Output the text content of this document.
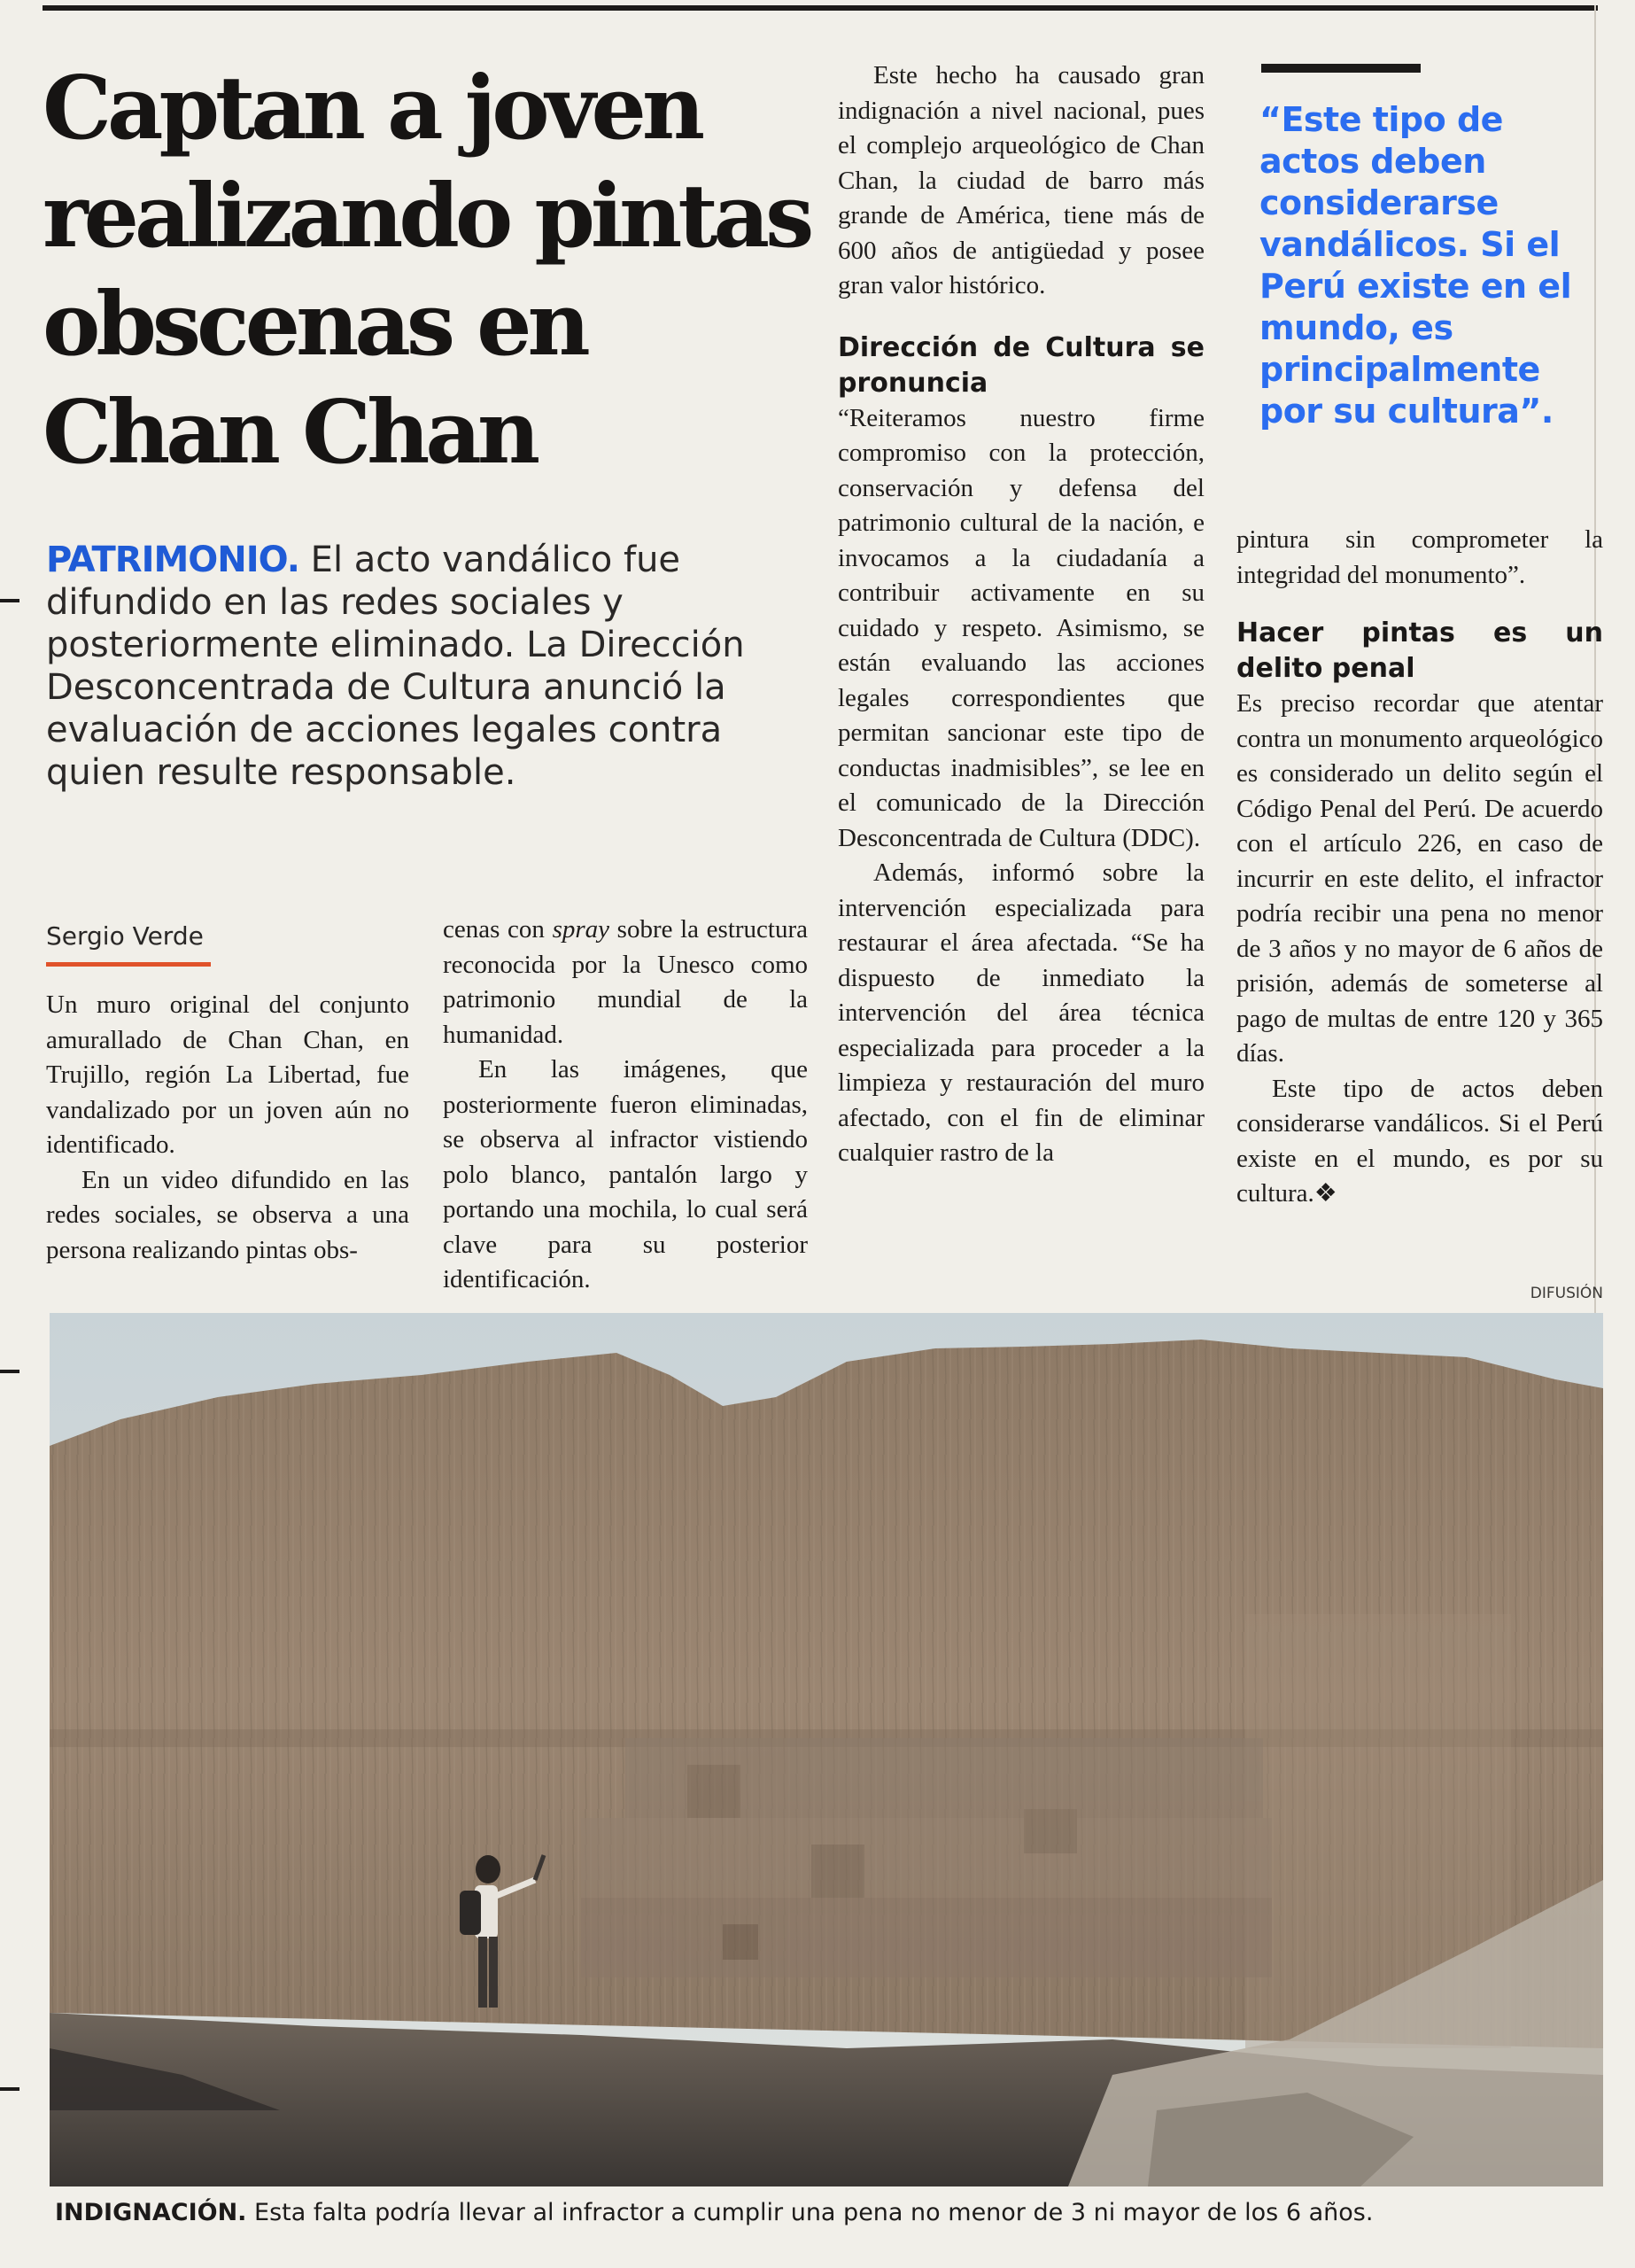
Captan a joven realizando pintas obscenas en Chan Chan
PATRIMONIO. El acto vandálico fue difundido en las redes sociales y posteriormente eliminado. La Dirección Desconcentrada de Cultura anunció la evaluación de acciones legales contra quien resulte responsable.
Sergio Verde

Un muro original del conjunto amurallado de Chan Chan, en Trujillo, región La Libertad, fue vandalizado por un joven aún no identificado.

En un video difundido en las redes sociales, se observa a una persona realizando pintas obs-

cenas con spray sobre la estructura reconocida por la Unesco como patrimonio mundial de la humanidad.

En las imágenes, que posteriormente fueron eliminadas, se observa al infractor vistiendo polo blanco, pantalón largo y portando una mochila, lo cual será clave para su posterior identificación.

Este hecho ha causado gran indignación a nivel nacional, pues el complejo arqueológico de Chan Chan, la ciudad de barro más grande de América, tiene más de 600 años de antigüedad y posee gran valor histórico.

Dirección de Cultura se pronuncia

“Reiteramos nuestro firme compromiso con la protección, conservación y defensa del patrimonio cultural de la nación, e invocamos a la ciudadanía a contribuir activamente en su cuidado y respeto. Asimismo, se están evaluando las acciones legales correspondientes que permitan sancionar este tipo de conductas inadmisibles”, se lee en el comunicado de la Dirección Desconcentrada de Cultura (DDC).

Además, informó sobre la intervención especializada para restaurar el área afectada. “Se ha dispuesto de inmediato la intervención del área técnica especializada para proceder a la limpieza y restauración del muro afectado, con el fin de eliminar cualquier rastro de la

“Este tipo de actos deben considerarse vandálicos. Si el Perú existe en el mundo, es principalmente por su cultura”.

pintura sin comprometer la integridad del monumento”.

Hacer pintas es un delito penal

Es preciso recordar que atentar contra un monumento arqueológico es considerado un delito según el Código Penal del Perú. De acuerdo con el artículo 226, en caso de incurrir en este delito, el infractor podría recibir una pena no menor de 3 años y no mayor de 6 años de prisión, además de someterse al pago de multas de entre 120 y 365 días.

Este tipo de actos deben considerarse vandálicos. Si el Perú existe en el mundo, es por su cultura.❖

DIFUSIÓN
INDIGNACIÓN. Esta falta podría llevar al infractor a cumplir una pena no menor de 3 ni mayor de los 6 años.
